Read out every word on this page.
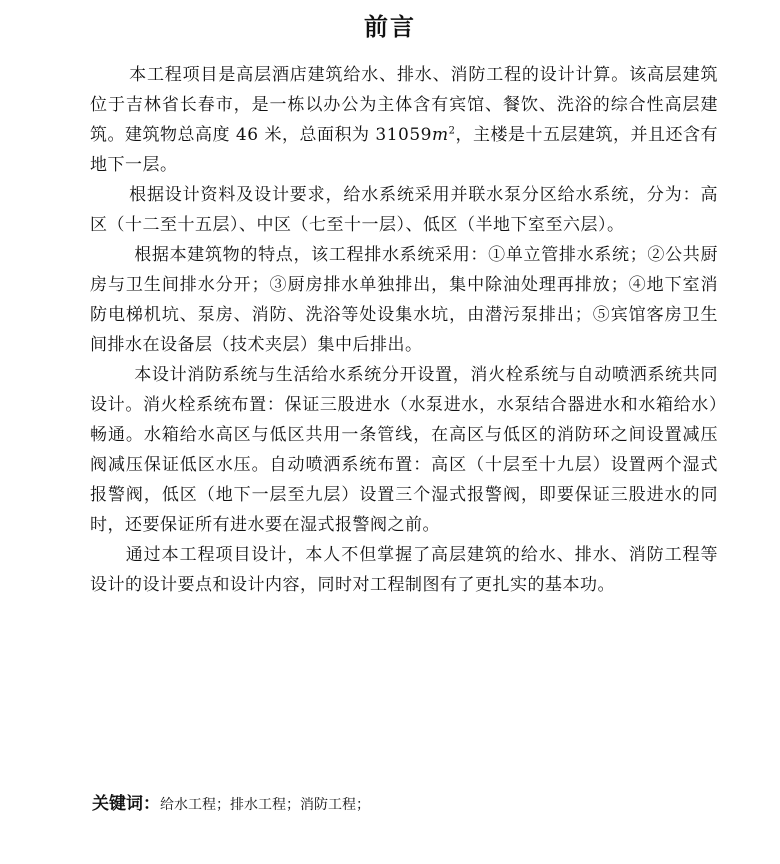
前言

本工程项目是高层酒店建筑给水、排水、消防工程的设计计算。该高层建筑位于吉林省长春市，是一栋以办公为主体含有宾馆、餐饮、洗浴的综合性高层建筑。建筑物总高度 46 米，总面积为 $31059m^2$，主楼是十五层建筑，并且还含有地下一层。

根据设计资料及设计要求，给水系统采用并联水泵分区给水系统，分为：高区（十二至十五层）、中区（七至十一层）、低区（半地下室至六层）。

根据本建筑物的特点，该工程排水系统采用：①单立管排水系统；②公共厨房与卫生间排水分开；③厨房排水单独排出，集中除油处理再排放；④地下室消防电梯机坑、泵房、消防、洗浴等处设集水坑，由潜污泵排出；⑤宾馆客房卫生间排水在设备层（技术夹层）集中后排出。

本设计消防系统与生活给水系统分开设置，消火栓系统与自动喷洒系统共同设计。消火栓系统布置：保证三股进水（水泵进水，水泵结合器进水和水箱给水）畅通。水箱给水高区与低区共用一条管线，在高区与低区的消防环之间设置减压阀减压保证低区水压。自动喷洒系统布置：高区（十层至十九层）设置两个湿式报警阀，低区（地下一层至九层）设置三个湿式报警阀，即要保证三股进水的同时，还要保证所有进水要在湿式报警阀之前。

通过本工程项目设计，本人不但掌握了高层建筑的给水、排水、消防工程等设计的设计要点和设计内容，同时对工程制图有了更扎实的基本功。

关键词：给水工程；排水工程；消防工程；
